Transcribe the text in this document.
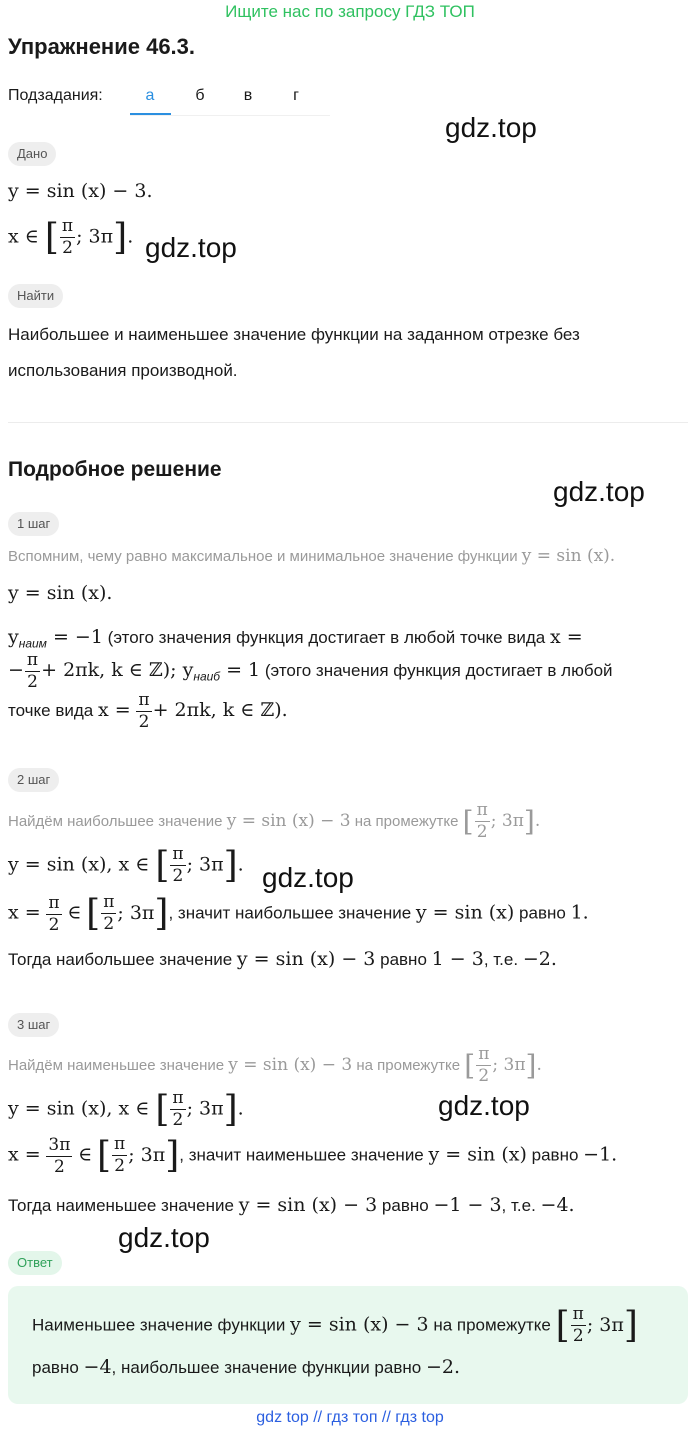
Ищите нас по запросу ГДЗ ТОП
Упражнение 46.3.
Подзадания:	а	б	в	г
gdz.top
Дано
y = sin (x) − 3.
x ∈ [ $\frac{\pi}{2}$ ; 3π]. gdz.top
Найти
Наибольшее и наименьшее значение функции на заданном отрезке без
использования производной.
Подробное решение
gdz.top
1 шаг
Вспомним, чему равно максимальное и минимальное значение функции y = sin (x).
y = sin (x).
$y_{наим} = -1$ (этого значения функция достигает в любой точке вида x =
− $\frac{\pi}{2} + 2\pi k$, k ∈ ℤ); $y_{наиб} = 1$ (этого значения функция достигает в любой
точке вида $x = \frac{\pi}{2} + 2\pi k$, k ∈ ℤ).
2 шаг
Найдём наибольшее значение y = sin (x) − 3 на промежутке [ $\frac{\pi}{2}$ ; 3π].
y = sin (x), x ∈ [ $\frac{\pi}{2}$ ; 3π]. gdz.top
$x = \frac{\pi}{2}$ ∈ [ $\frac{\pi}{2}$ ; 3π], значит наибольшее значение y = sin (x) равно 1.
Тогда наибольшее значение y = sin (x) − 3 равно 1 − 3, т.е. −2.
3 шаг
Найдём наименьшее значение y = sin (x) − 3 на промежутке [ $\frac{\pi}{2}$ ; 3π].
y = sin (x), x ∈ [ $\frac{\pi}{2}$ ; 3π].	gdz.top
$x = \frac{3\pi}{2}$ ∈ [ $\frac{\pi}{2}$ ; 3π], значит наименьшее значение y = sin (x) равно −1.
Тогда наименьшее значение y = sin (x) − 3 равно −1 − 3, т.е. −4.
gdz.top
Ответ
Наименьшее значение функции y = sin (x) − 3 на промежутке [ $\frac{\pi}{2}$ ; 3π]
равно −4, наибольшее значение функции равно −2.
gdz top // гдз топ // гдз top
